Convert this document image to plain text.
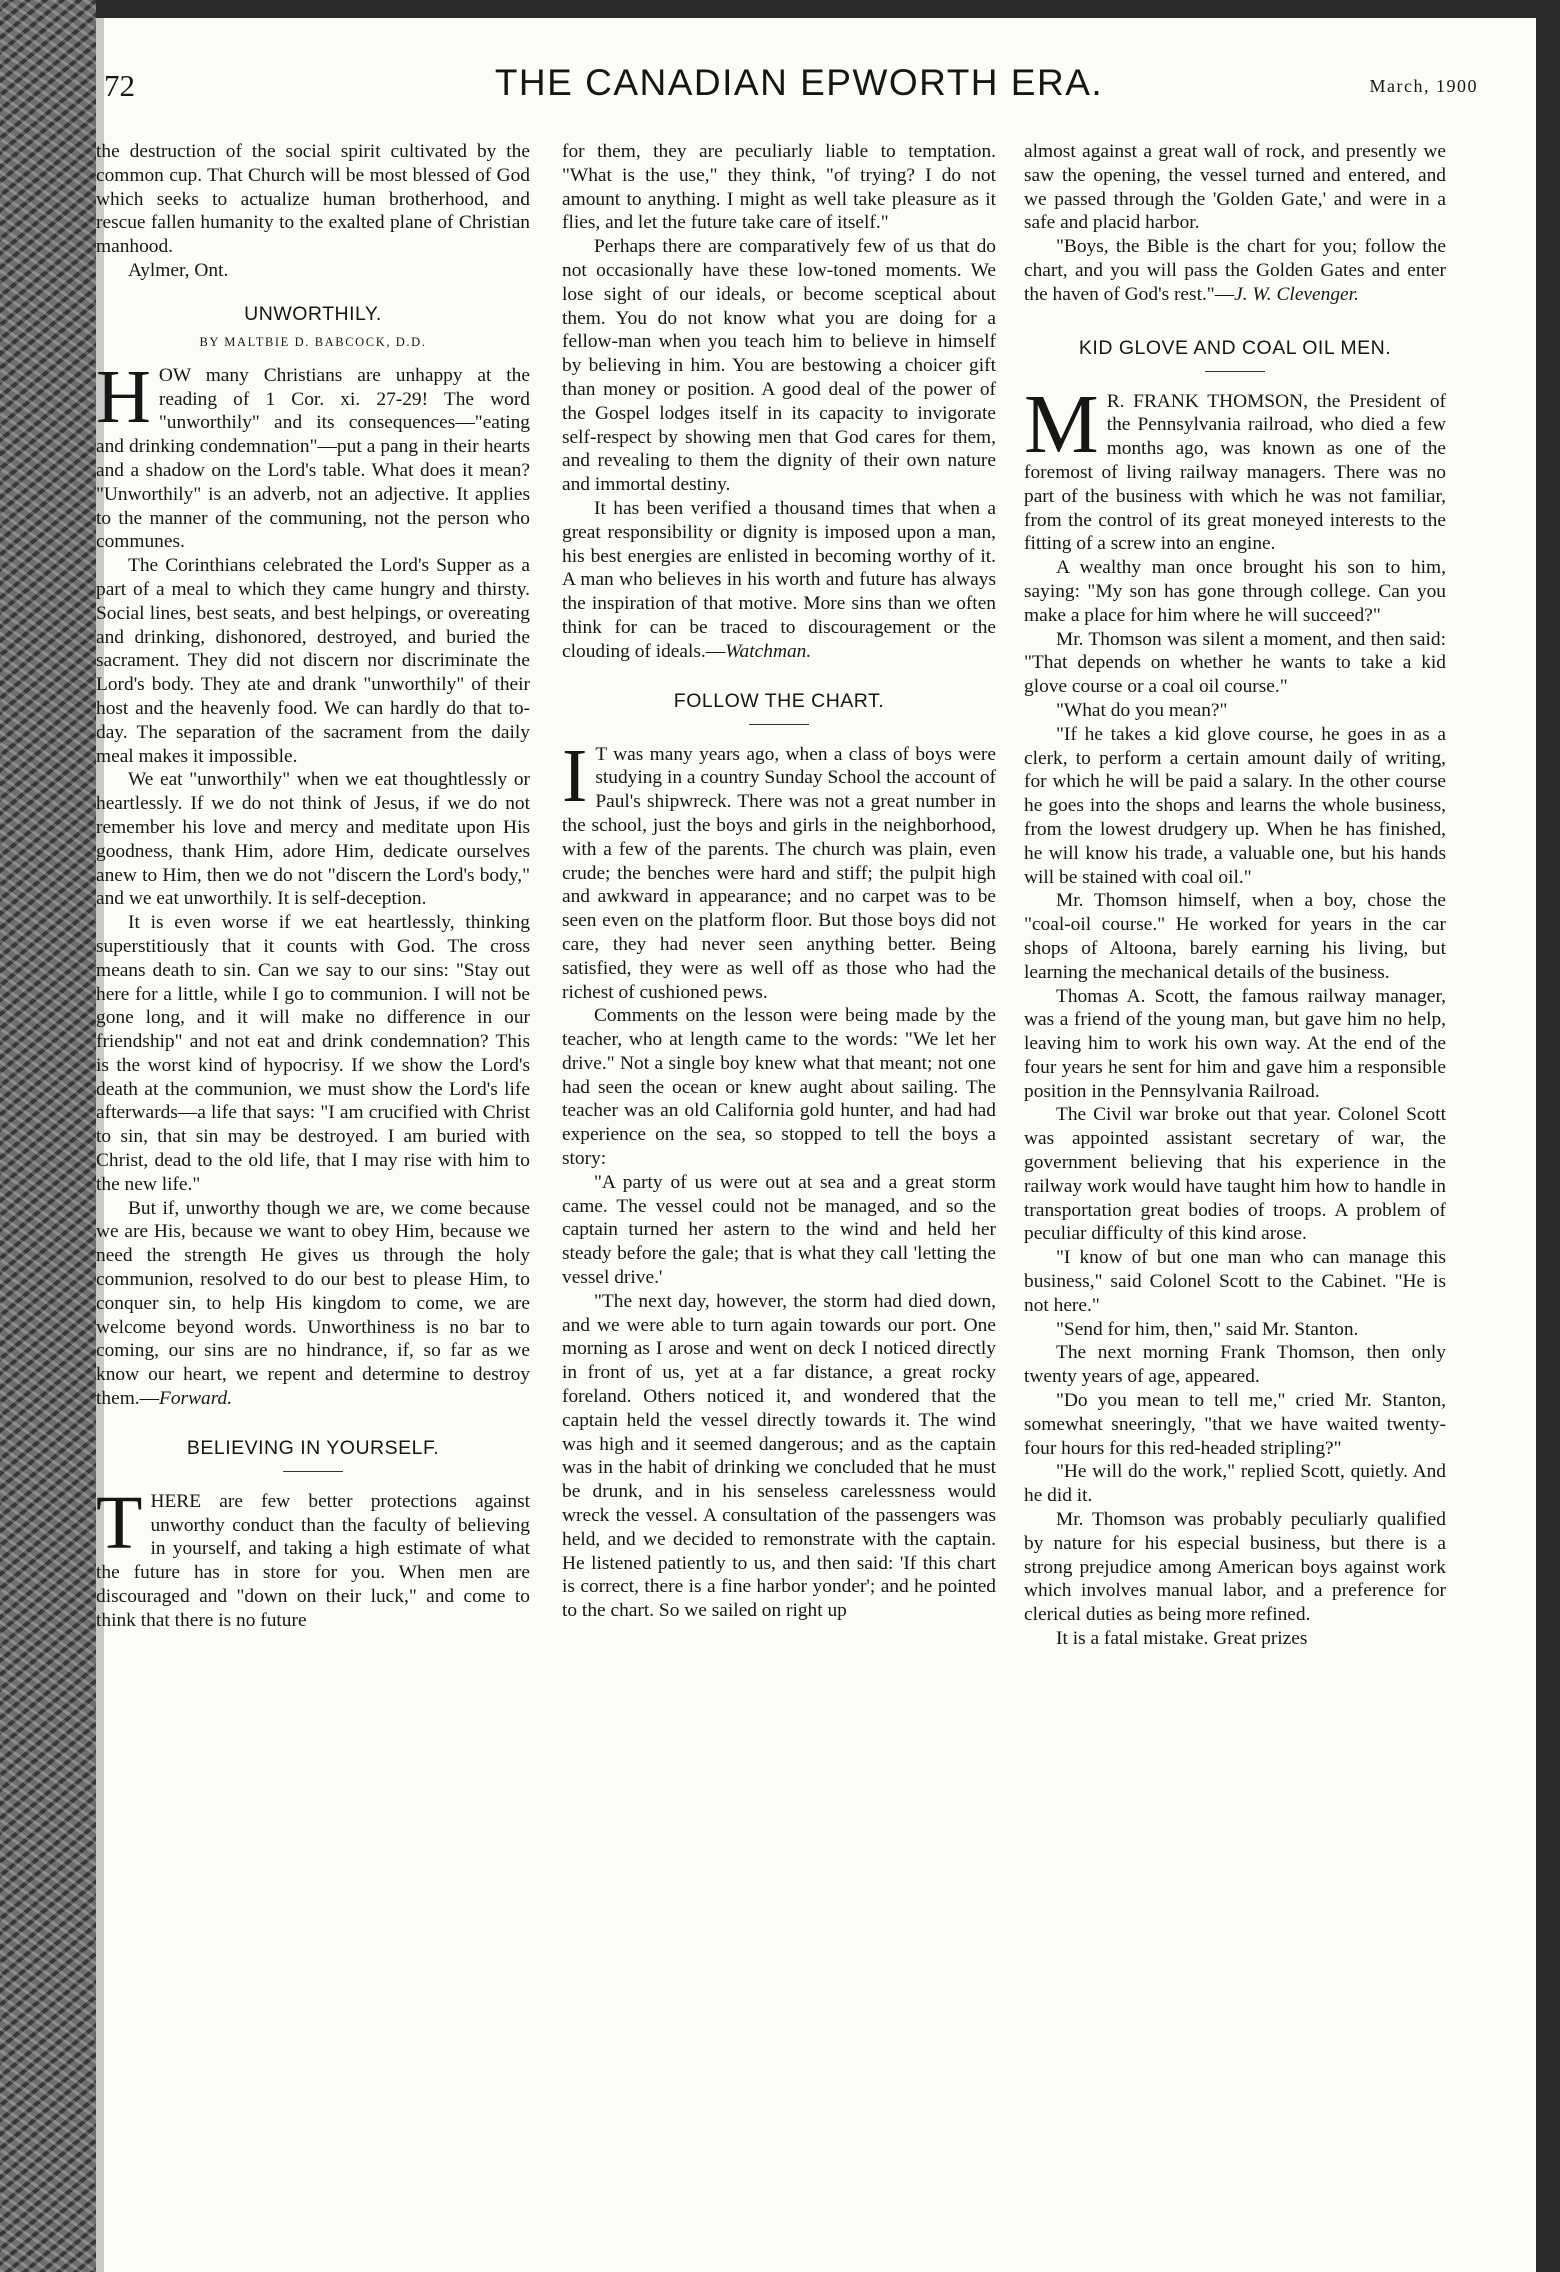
72	THE CANADIAN EPWORTH ERA.	March, 1900

the destruction of the social spirit cultivated by the common cup. That Church will be most blessed of God which seeks to actualize human brotherhood, and rescue fallen humanity to the exalted plane of Christian manhood.

Aylmer, Ont.

UNWORTHILY.
BY MALTBIE D. BABCOCK, D.D.

HOW many Christians are unhappy at the reading of 1 Cor. xi. 27-29! The word "unworthily" and its consequences—"eating and drinking condemnation"—put a pang in their hearts and a shadow on the Lord's table. What does it mean? "Unworthily" is an adverb, not an adjective. It applies to the manner of the communing, not the person who communes.

The Corinthians celebrated the Lord's Supper as a part of a meal to which they came hungry and thirsty. Social lines, best seats, and best helpings, or overeating and drinking, dishonored, destroyed, and buried the sacrament. They did not discern nor discriminate the Lord's body. They ate and drank "unworthily" of their host and the heavenly food. We can hardly do that to-day. The separation of the sacrament from the daily meal makes it impossible.

We eat "unworthily" when we eat thoughtlessly or heartlessly. If we do not think of Jesus, if we do not remember his love and mercy and meditate upon His goodness, thank Him, adore Him, dedicate ourselves anew to Him, then we do not "discern the Lord's body," and we eat unworthily. It is self-deception.

It is even worse if we eat heartlessly, thinking superstitiously that it counts with God. The cross means death to sin. Can we say to our sins: "Stay out here for a little, while I go to communion. I will not be gone long, and it will make no difference in our friendship" and not eat and drink condemnation? This is the worst kind of hypocrisy. If we show the Lord's death at the communion, we must show the Lord's life afterwards—a life that says: "I am crucified with Christ to sin, that sin may be destroyed. I am buried with Christ, dead to the old life, that I may rise with him to the new life."

But if, unworthy though we are, we come because we are His, because we want to obey Him, because we need the strength He gives us through the holy communion, resolved to do our best to please Him, to conquer sin, to help His kingdom to come, we are welcome beyond words. Unworthiness is no bar to coming, our sins are no hindrance, if, so far as we know our heart, we repent and determine to destroy them.—Forward.

BELIEVING IN YOURSELF.

THERE are few better protections against unworthy conduct than the faculty of believing in yourself, and taking a high estimate of what the future has in store for you. When men are discouraged and "down on their luck," and come to think that there is no future

for them, they are peculiarly liable to temptation. "What is the use," they think, "of trying? I do not amount to anything. I might as well take pleasure as it flies, and let the future take care of itself."

Perhaps there are comparatively few of us that do not occasionally have these low-toned moments. We lose sight of our ideals, or become sceptical about them. You do not know what you are doing for a fellow-man when you teach him to believe in himself by believing in him. You are bestowing a choicer gift than money or position. A good deal of the power of the Gospel lodges itself in its capacity to invigorate self-respect by showing men that God cares for them, and revealing to them the dignity of their own nature and immortal destiny.

It has been verified a thousand times that when a great responsibility or dignity is imposed upon a man, his best energies are enlisted in becoming worthy of it. A man who believes in his worth and future has always the inspiration of that motive. More sins than we often think for can be traced to discouragement or the clouding of ideals.—Watchman.

FOLLOW THE CHART.

I T was many years ago, when a class of boys were studying in a country Sunday School the account of Paul's shipwreck. There was not a great number in the school, just the boys and girls in the neighborhood, with a few of the parents. The church was plain, even crude; the benches were hard and stiff; the pulpit high and awkward in appearance; and no carpet was to be seen even on the platform floor. But those boys did not care, they had never seen anything better. Being satisfied, they were as well off as those who had the richest of cushioned pews.

Comments on the lesson were being made by the teacher, who at length came to the words: "We let her drive." Not a single boy knew what that meant; not one had seen the ocean or knew aught about sailing. The teacher was an old California gold hunter, and had had experience on the sea, so stopped to tell the boys a story:

"A party of us were out at sea and a great storm came. The vessel could not be managed, and so the captain turned her astern to the wind and held her steady before the gale; that is what they call 'letting the vessel drive.'

"The next day, however, the storm had died down, and we were able to turn again towards our port. One morning as I arose and went on deck I noticed directly in front of us, yet at a far distance, a great rocky foreland. Others noticed it, and wondered that the captain held the vessel directly towards it. The wind was high and it seemed dangerous; and as the captain was in the habit of drinking we concluded that he must be drunk, and in his senseless carelessness would wreck the vessel. A consultation of the passengers was held, and we decided to remonstrate with the captain. He listened patiently to us, and then said: 'If this chart is correct, there is a fine harbor yonder'; and he pointed to the chart. So we sailed on right up

almost against a great wall of rock, and presently we saw the opening, the vessel turned and entered, and we passed through the 'Golden Gate,' and were in a safe and placid harbor.

"Boys, the Bible is the chart for you; follow the chart, and you will pass the Golden Gates and enter the haven of God's rest."—J. W. Clevenger.

KID GLOVE AND COAL OIL MEN.

M R. FRANK THOMSON, the President of the Pennsylvania railroad, who died a few months ago, was known as one of the foremost of living railway managers. There was no part of the business with which he was not familiar, from the control of its great moneyed interests to the fitting of a screw into an engine.

A wealthy man once brought his son to him, saying: "My son has gone through college. Can you make a place for him where he will succeed?"

Mr. Thomson was silent a moment, and then said: "That depends on whether he wants to take a kid glove course or a coal oil course."

"What do you mean?"

"If he takes a kid glove course, he goes in as a clerk, to perform a certain amount daily of writing, for which he will be paid a salary. In the other course he goes into the shops and learns the whole business, from the lowest drudgery up. When he has finished, he will know his trade, a valuable one, but his hands will be stained with coal oil."

Mr. Thomson himself, when a boy, chose the "coal-oil course." He worked for years in the car shops of Altoona, barely earning his living, but learning the mechanical details of the business.

Thomas A. Scott, the famous railway manager, was a friend of the young man, but gave him no help, leaving him to work his own way. At the end of the four years he sent for him and gave him a responsible position in the Pennsylvania Railroad.

The Civil war broke out that year. Colonel Scott was appointed assistant secretary of war, the government believing that his experience in the railway work would have taught him how to handle in transportation great bodies of troops. A problem of peculiar difficulty of this kind arose.

"I know of but one man who can manage this business," said Colonel Scott to the Cabinet. "He is not here."

"Send for him, then," said Mr. Stanton.

The next morning Frank Thomson, then only twenty years of age, appeared.

"Do you mean to tell me," cried Mr. Stanton, somewhat sneeringly, "that we have waited twenty-four hours for this red-headed stripling?"

"He will do the work," replied Scott, quietly. And he did it.

Mr. Thomson was probably peculiarly qualified by nature for his especial business, but there is a strong prejudice among American boys against work which involves manual labor, and a preference for clerical duties as being more refined.

It is a fatal mistake. Great prizes
